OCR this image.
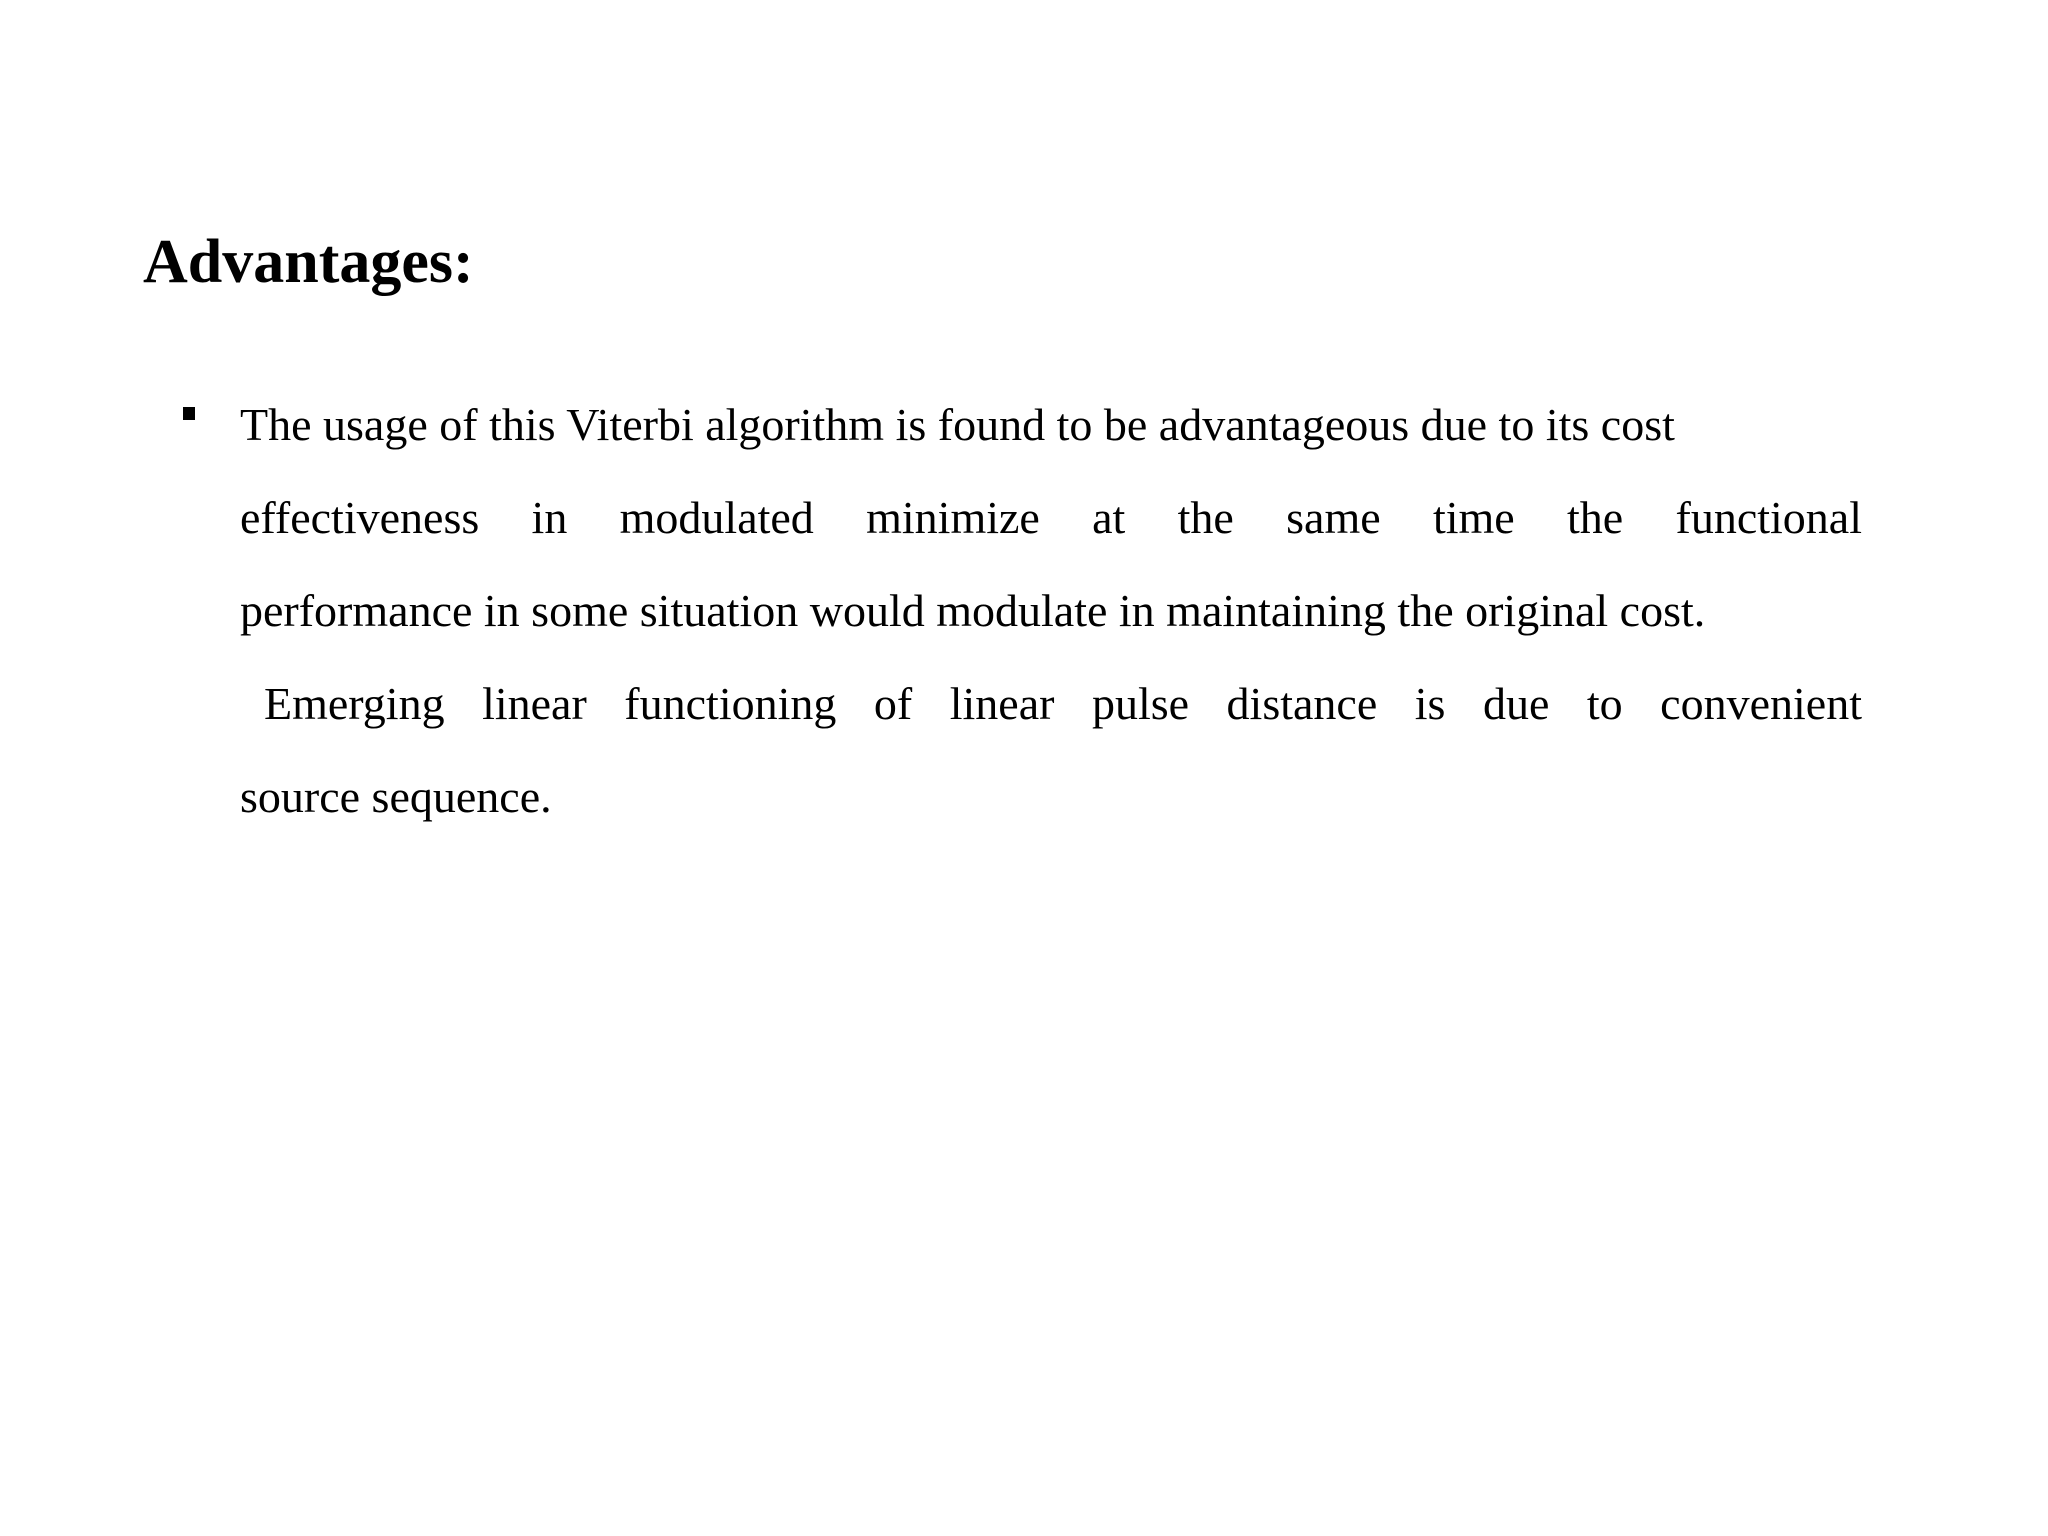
Advantages:
The usage of this Viterbi algorithm is found to be advantageous due to its cost
effectiveness in modulated minimize at the same time the functional
performance in some situation would modulate in maintaining the original cost.
Emerging linear functioning of linear pulse distance is due to convenient
source sequence.
